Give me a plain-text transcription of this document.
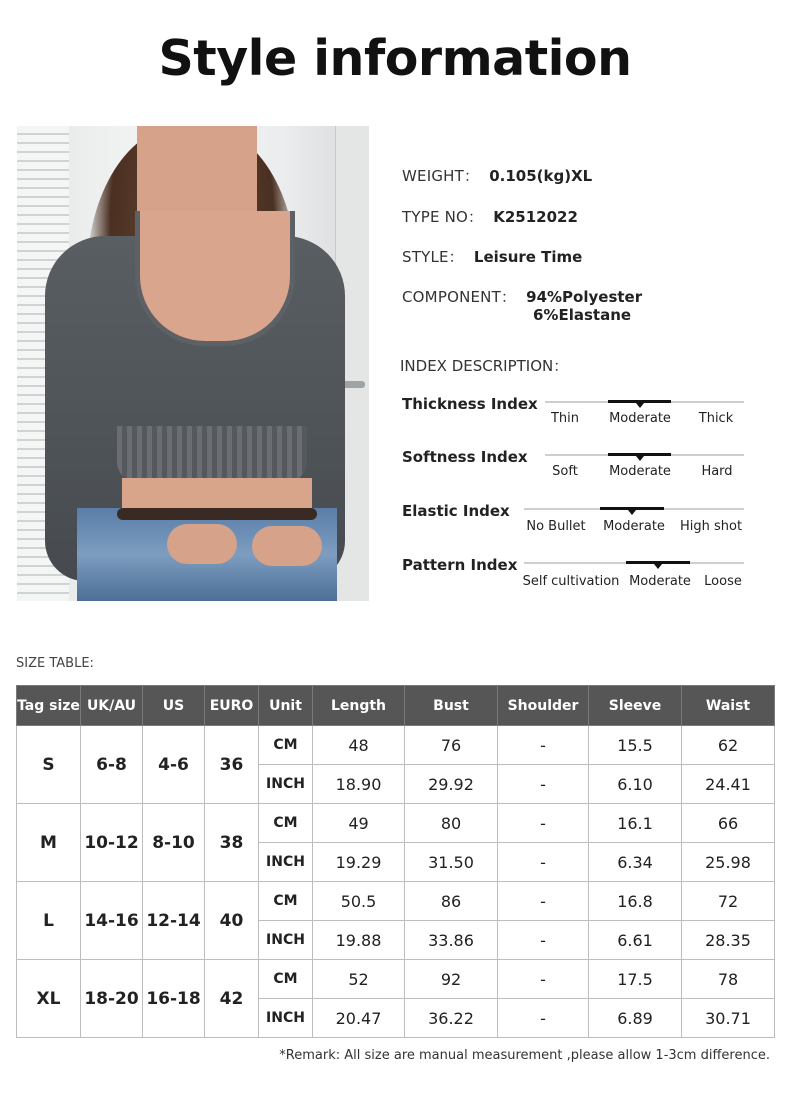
Style information
WEIGHT： 0.105(kg)XL
TYPE NO： K2512022
STYLE： Leisure Time
COMPONENT： 94%Polyester
6%Elastane
INDEX DESCRIPTION：
Thickness Index
Thin Moderate Thick
Softness Index
Soft Moderate Hard
Elastic Index
No Bullet Moderate High shot
Pattern Index
Self cultivation Moderate Loose
SIZE TABLE:
Tag size	UK/AU	US	EURO	Unit	Length	Bust	Shoulder	Sleeve	Waist
S	6-8	4-6	36	CM	48	76	-	15.5	62
				INCH	18.90	29.92	-	6.10	24.41
M	10-12	8-10	38	CM	49	80	-	16.1	66
				INCH	19.29	31.50	-	6.34	25.98
L	14-16	12-14	40	CM	50.5	86	-	16.8	72
				INCH	19.88	33.86	-	6.61	28.35
XL	18-20	16-18	42	CM	52	92	-	17.5	78
				INCH	20.47	36.22	-	6.89	30.71
*Remark: All size are manual measurement ,please allow 1-3cm difference.
